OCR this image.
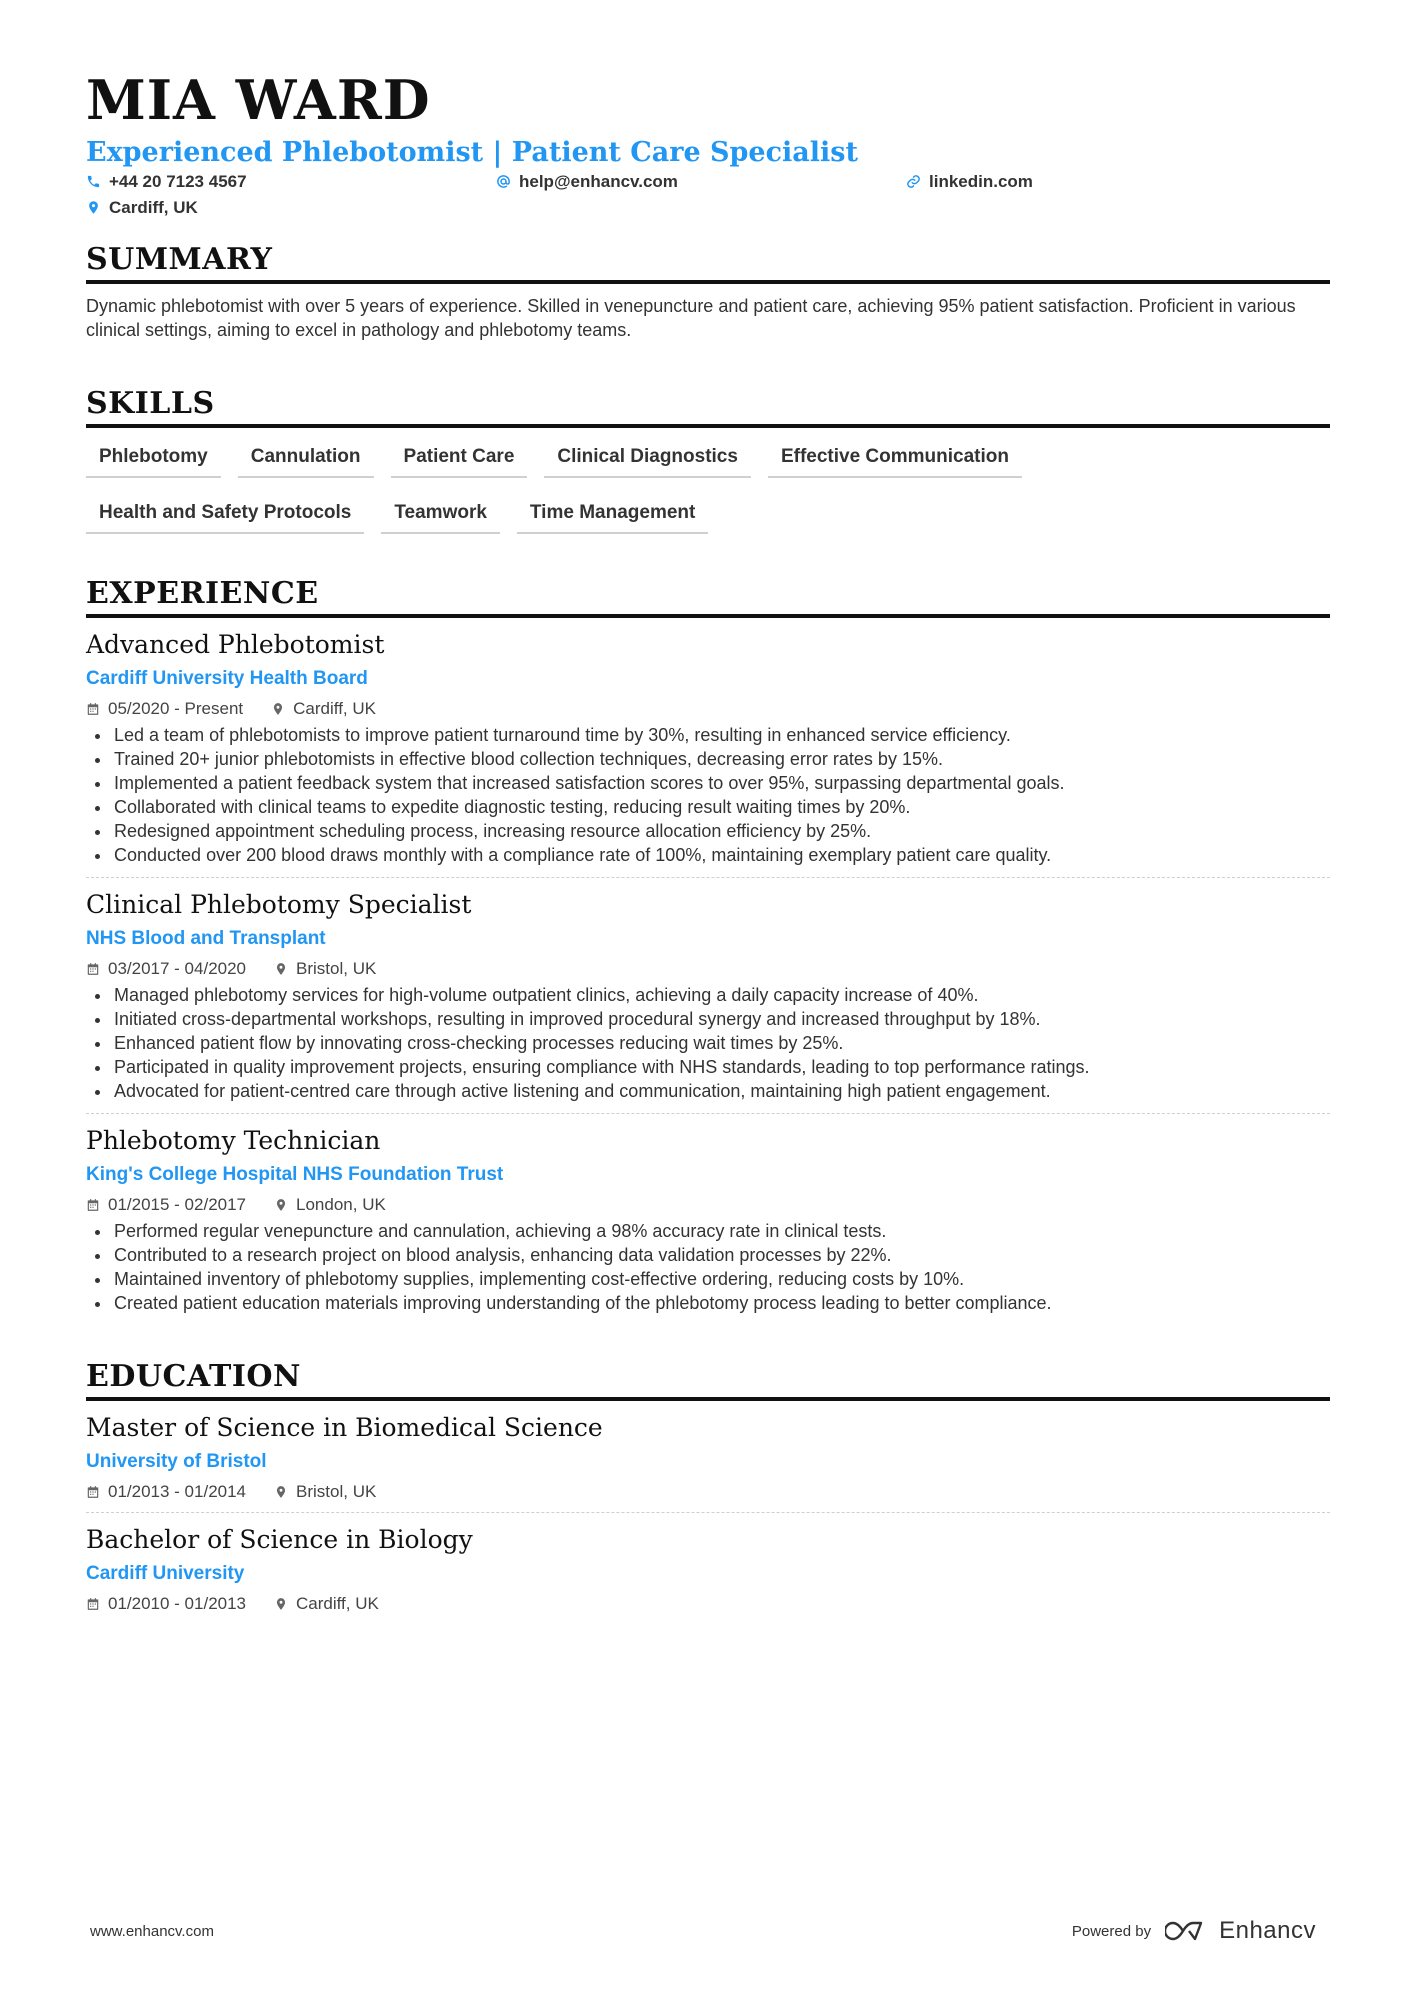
MIA WARD
Experienced Phlebotomist | Patient Care Specialist
+44 20 7123 4567	help@enhancv.com	linkedin.com
Cardiff, UK
SUMMARY
Dynamic phlebotomist with over 5 years of experience. Skilled in venepuncture and patient care, achieving 95% patient satisfaction. Proficient in various clinical settings, aiming to excel in pathology and phlebotomy teams.
SKILLS
Phlebotomy	Cannulation	Patient Care	Clinical Diagnostics	Effective Communication
Health and Safety Protocols	Teamwork	Time Management
EXPERIENCE
Advanced Phlebotomist
Cardiff University Health Board
05/2020 - Present	Cardiff, UK
• Led a team of phlebotomists to improve patient turnaround time by 30%, resulting in enhanced service efficiency.
• Trained 20+ junior phlebotomists in effective blood collection techniques, decreasing error rates by 15%.
• Implemented a patient feedback system that increased satisfaction scores to over 95%, surpassing departmental goals.
• Collaborated with clinical teams to expedite diagnostic testing, reducing result waiting times by 20%.
• Redesigned appointment scheduling process, increasing resource allocation efficiency by 25%.
• Conducted over 200 blood draws monthly with a compliance rate of 100%, maintaining exemplary patient care quality.
Clinical Phlebotomy Specialist
NHS Blood and Transplant
03/2017 - 04/2020	Bristol, UK
• Managed phlebotomy services for high-volume outpatient clinics, achieving a daily capacity increase of 40%.
• Initiated cross-departmental workshops, resulting in improved procedural synergy and increased throughput by 18%.
• Enhanced patient flow by innovating cross-checking processes reducing wait times by 25%.
• Participated in quality improvement projects, ensuring compliance with NHS standards, leading to top performance ratings.
• Advocated for patient-centred care through active listening and communication, maintaining high patient engagement.
Phlebotomy Technician
King's College Hospital NHS Foundation Trust
01/2015 - 02/2017	London, UK
• Performed regular venepuncture and cannulation, achieving a 98% accuracy rate in clinical tests.
• Contributed to a research project on blood analysis, enhancing data validation processes by 22%.
• Maintained inventory of phlebotomy supplies, implementing cost-effective ordering, reducing costs by 10%.
• Created patient education materials improving understanding of the phlebotomy process leading to better compliance.
EDUCATION
Master of Science in Biomedical Science
University of Bristol
01/2013 - 01/2014	Bristol, UK
Bachelor of Science in Biology
Cardiff University
01/2010 - 01/2013	Cardiff, UK
www.enhancv.com	Powered by	Enhancv
